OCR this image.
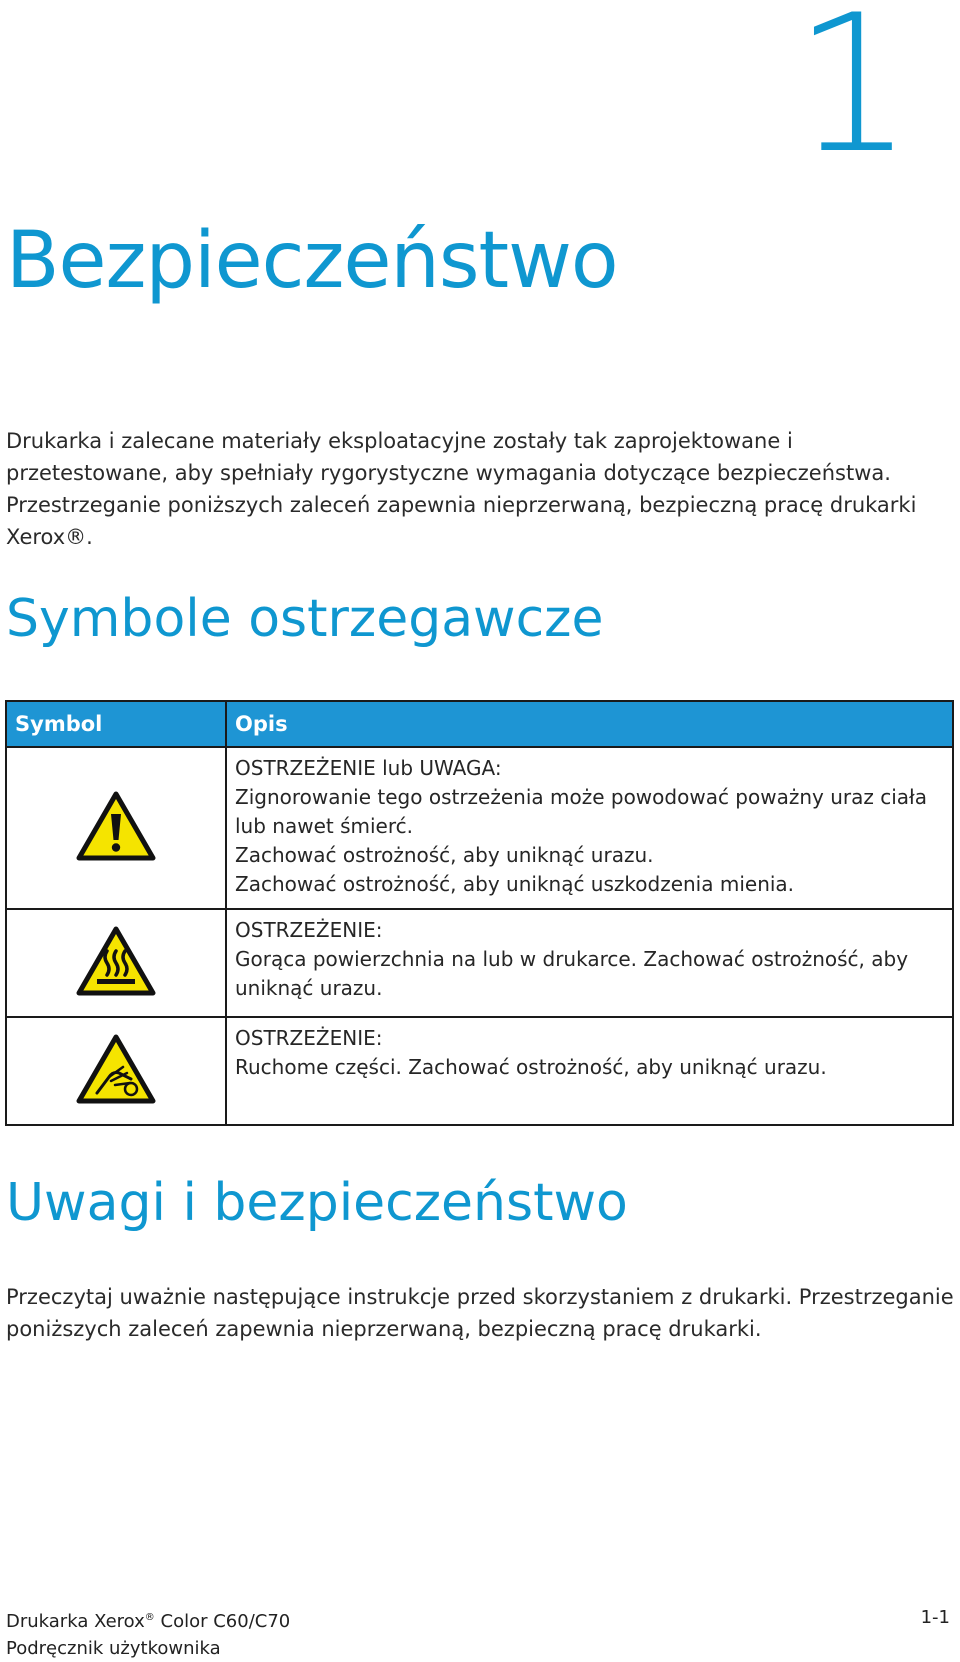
1
Bezpieczeństwo

Drukarka i zalecane materiały eksploatacyjne zostały tak zaprojektowane i przetestowane, aby spełniały rygorystyczne wymagania dotyczące bezpieczeństwa. Przestrzeganie poniższych zaleceń zapewnia nieprzerwaną, bezpieczną pracę drukarki Xerox®.

Symbole ostrzegawcze
Symbol	Opis

OSTRZEŻENIE lub UWAGA:
Zignorowanie tego ostrzeżenia może powodować poważny uraz ciała lub nawet śmierć.
Zachować ostrożność, aby uniknąć urazu.
Zachować ostrożność, aby uniknąć uszkodzenia mienia.

OSTRZEŻENIE:
Gorąca powierzchnia na lub w drukarce. Zachować ostrożność, aby uniknąć urazu.

OSTRZEŻENIE:
Ruchome części. Zachować ostrożność, aby uniknąć urazu.
Uwagi i bezpieczeństwo

Przeczytaj uważnie następujące instrukcje przed skorzystaniem z drukarki. Przestrzeganie poniższych zaleceń zapewnia nieprzerwaną, bezpieczną pracę drukarki.

Drukarka Xerox® Color C60/C70
Podręcznik użytkownika
1-1
